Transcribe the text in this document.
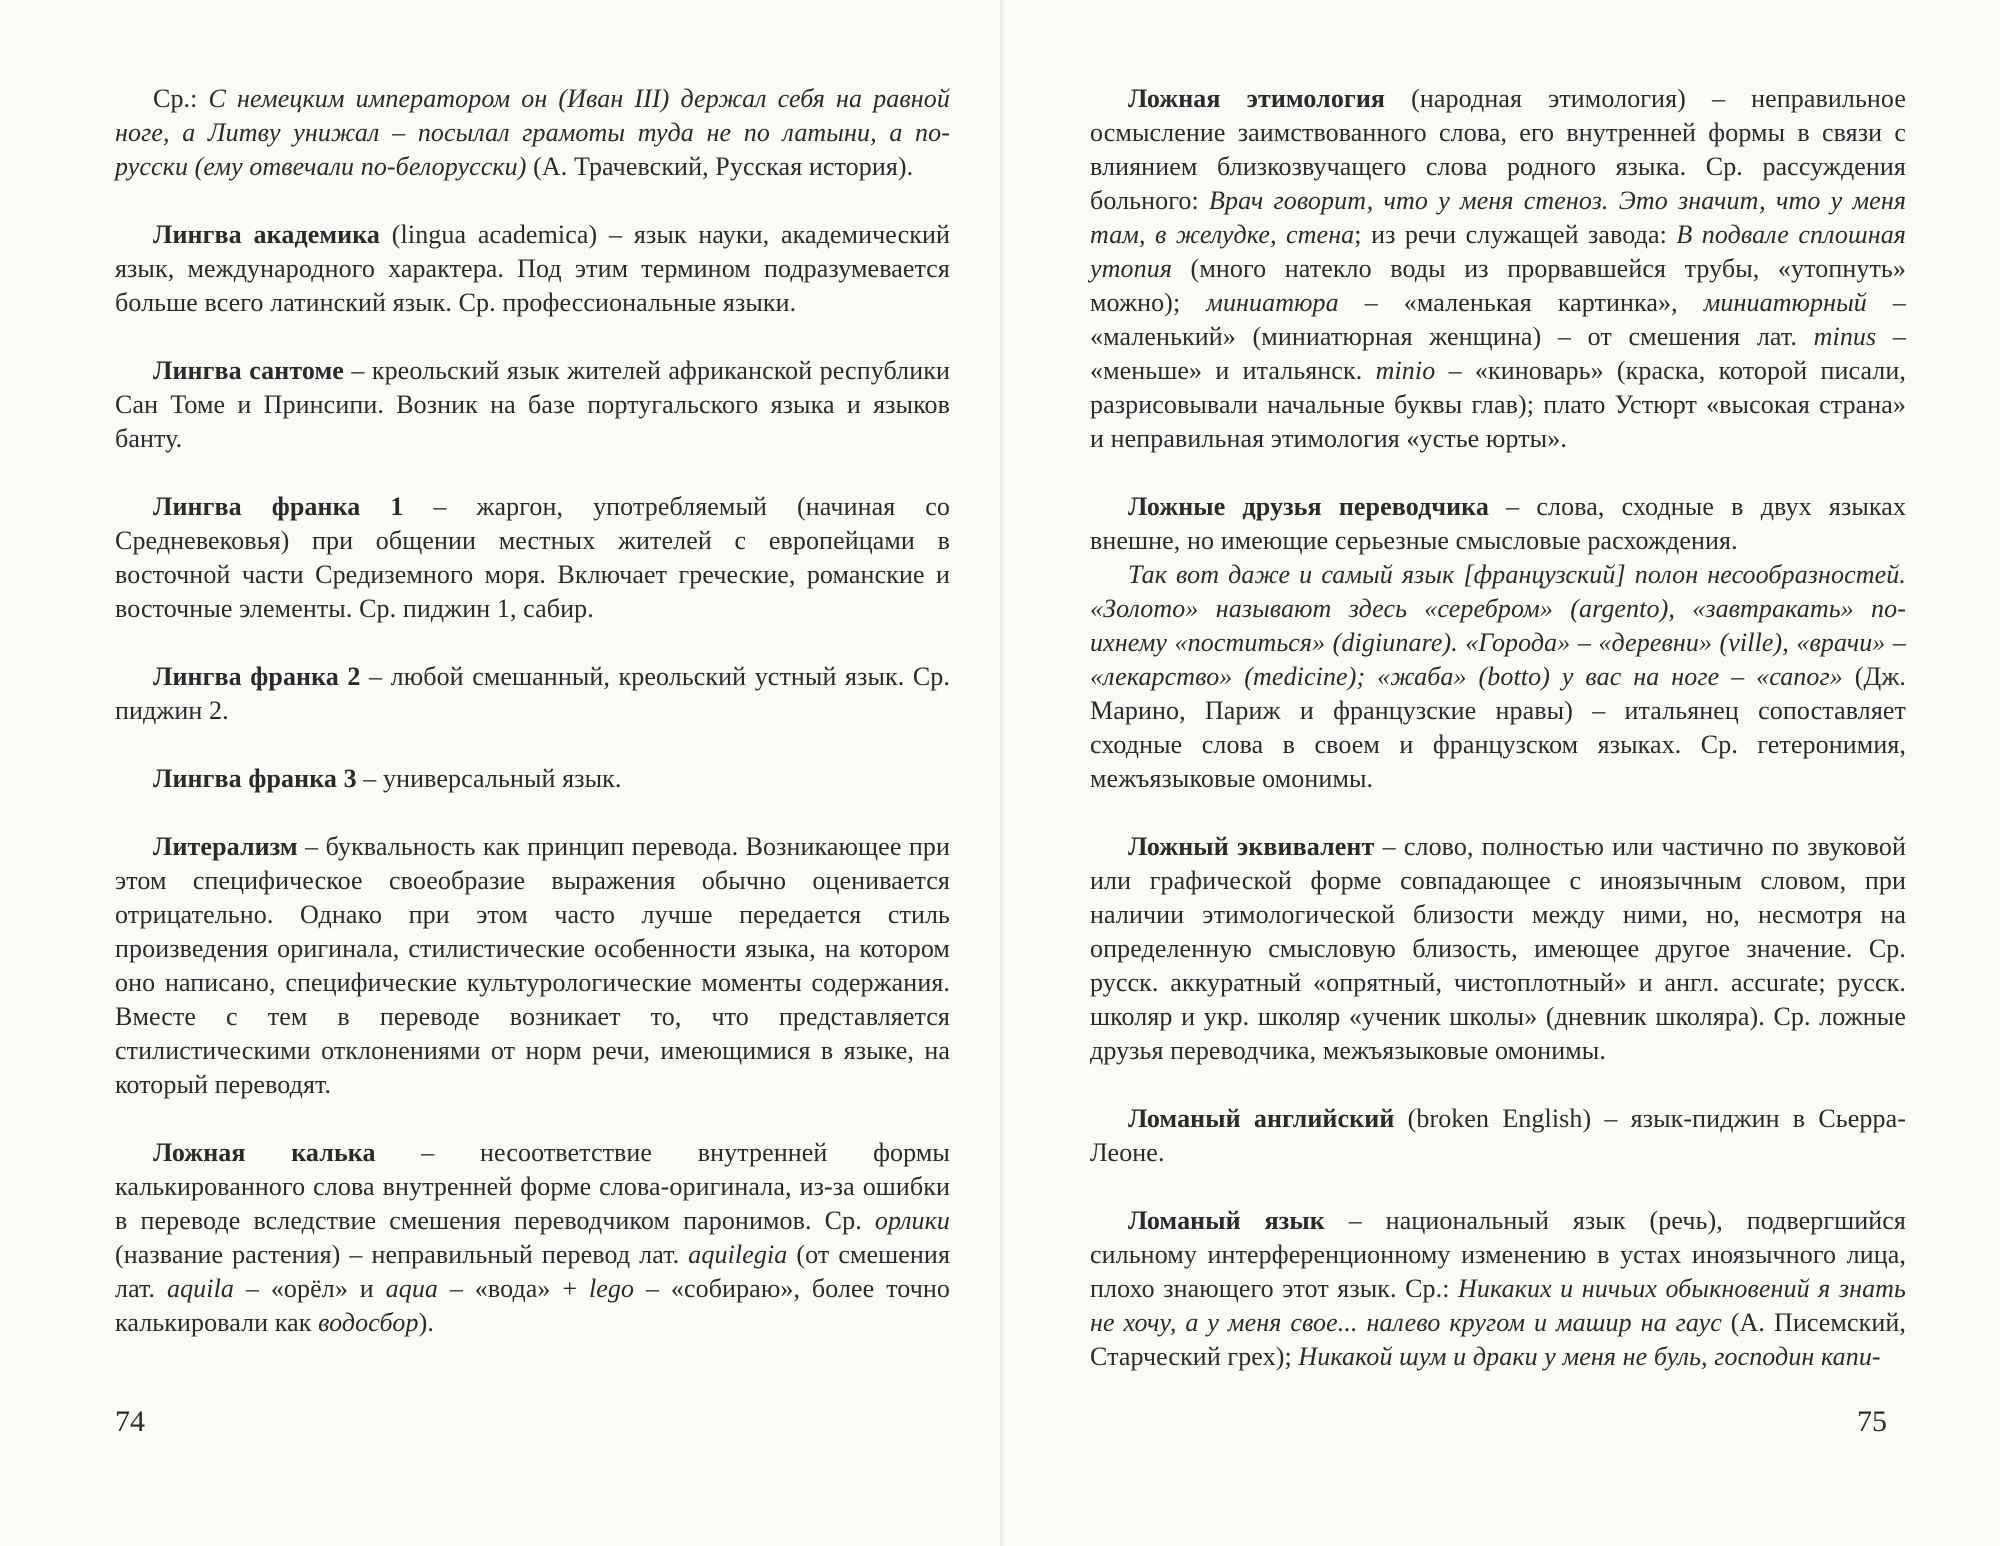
Ср.: С немецким императором он (Иван III) держал себя на равной ноге, а Литву унижал – посылал грамоты туда не по латыни, а по-русски (ему отвечали по-белорусски) (А. Трачевский, Русская история).

Лингва академика (lingua academica) – язык науки, академический язык, международного характера. Под этим термином подразумевается больше всего латинский язык. Ср. профессиональные языки.

Лингва сантоме – креольский язык жителей африканской республики Сан Томе и Принсипи. Возник на базе португальского языка и языков банту.

Лингва франка 1 – жаргон, употребляемый (начиная со Средневековья) при общении местных жителей с европейцами в восточной части Средиземного моря. Включает греческие, романские и восточные элементы. Ср. пиджин 1, сабир.

Лингва франка 2 – любой смешанный, креольский устный язык. Ср. пиджин 2.

Лингва франка 3 – универсальный язык.

Литерализм – буквальность как принцип перевода. Возникающее при этом специфическое своеобразие выражения обычно оценивается отрицательно. Однако при этом часто лучше передается стиль произведения оригинала, стилистические особенности языка, на котором оно написано, специфические культурологические моменты содержания. Вместе с тем в переводе возникает то, что представляется стилистическими отклонениями от норм речи, имеющимися в языке, на который переводят.

Ложная калька – несоответствие внутренней формы калькированного слова внутренней форме слова-оригинала, из-за ошибки в переводе вследствие смешения переводчиком паронимов. Ср. орлики (название растения) – неправильный перевод лат. aquilegia (от смешения лат. aquila – «орёл» и aqua – «вода» + lego – «собираю», более точно калькировали как водосбор).

74

Ложная этимология (народная этимология) – неправильное осмысление заимствованного слова, его внутренней формы в связи с влиянием близкозвучащего слова родного языка. Ср. рассуждения больного: Врач говорит, что у меня стеноз. Это значит, что у меня там, в желудке, стена; из речи служащей завода: В подвале сплошная утопия (много натекло воды из прорвавшейся трубы, «утопнуть» можно); миниатюра – «маленькая картинка», миниатюрный – «маленький» (миниатюрная женщина) – от смешения лат. minus – «меньше» и итальянск. minio – «киноварь» (краска, которой писали, разрисовывали начальные буквы глав); плато Устюрт «высокая страна» и неправильная этимология «устье юрты».

Ложные друзья переводчика – слова, сходные в двух языках внешне, но имеющие серьезные смысловые расхождения.

Так вот даже и самый язык [французский] полон несообразностей. «Золото» называют здесь «серебром» (argento), «завтракать» по-ихнему «поститься» (digiunare). «Города» – «деревни» (ville), «врачи» – «лекарство» (medicine); «жаба» (botto) у вас на ноге – «сапог» (Дж. Марино, Париж и французские нравы) – итальянец сопоставляет сходные слова в своем и французском языках. Ср. гетеронимия, межъязыковые омонимы.

Ложный эквивалент – слово, полностью или частично по звуковой или графической форме совпадающее с иноязычным словом, при наличии этимологической близости между ними, но, несмотря на определенную смысловую близость, имеющее другое значение. Ср. русск. аккуратный «опрятный, чистоплотный» и англ. accurate; русск. школяр и укр. школяр «ученик школы» (дневник школяра). Ср. ложные друзья переводчика, межъязыковые омонимы.

Ломаный английский (broken English) – язык-пиджин в Сьерра-Леоне.

Ломаный язык – национальный язык (речь), подвергшийся сильному интерференционному изменению в устах иноязычного лица, плохо знающего этот язык. Ср.: Никаких и ничьих обыкновений я знать не хочу, а у меня свое... налево кругом и машир на гаус (А. Писемский, Старческий грех); Никакой шум и драки у меня не буль, господин капи-

75
